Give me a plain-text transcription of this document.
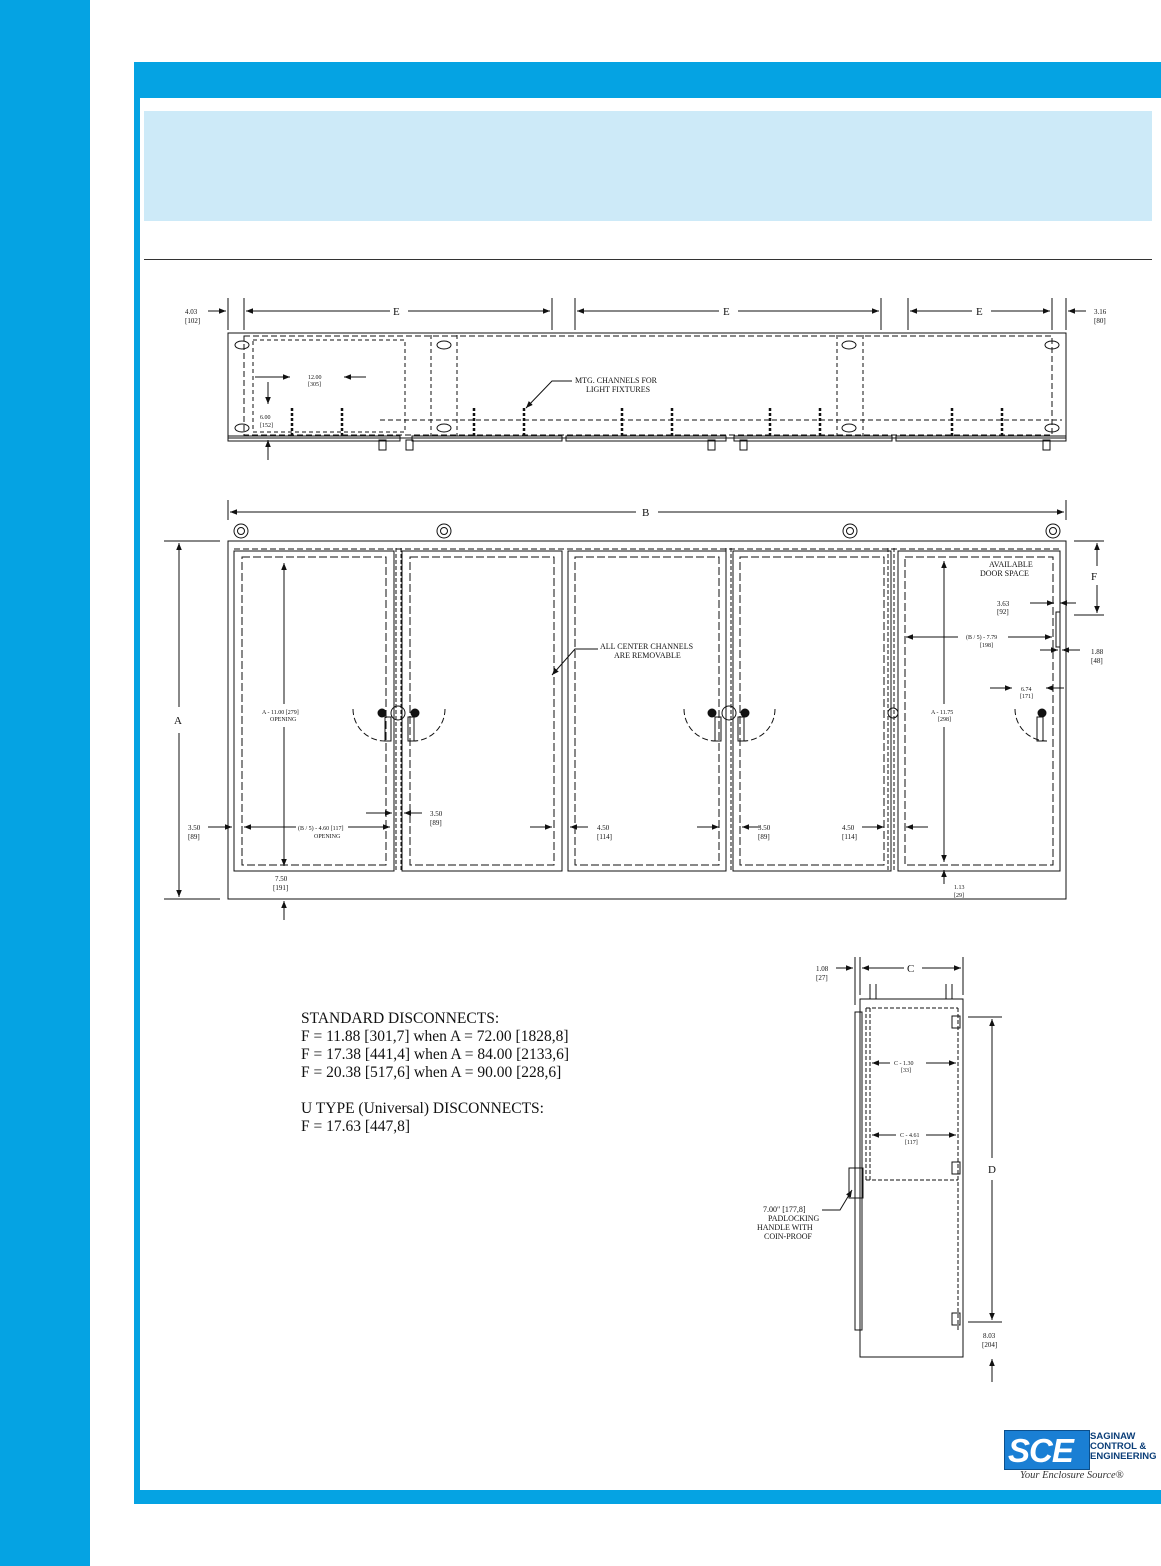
4.03
[102]
3.16
[80]
E	E	E
12.00
[305]
6.00
[152]
MTG. CHANNELS FOR
LIGHT FIXTURES
B
A
F
AVAILABLE
DOOR SPACE
ALL CENTER CHANNELS
ARE REMOVABLE
A - 11.00 [279]
OPENING
(B / 5) - 4.60 [117]
OPENING
A - 11.75
[298]
(B / 5) - 7.79
[198]
3.63
[92]
1.88
[48]
6.74
[171]
3.50
[89]
3.50
[89]
4.50
[114]
3.50
[89]
4.50
[114]
7.50
[191]	1.13
[29]
1.08
[27]
C
D
C - 1.30
[33]
C - 4.61
[117]
7.00" [177,8]
PADLOCKING
HANDLE WITH
COIN-PROOF
8.03
[204]
STANDARD DISCONNECTS:
F = 11.88 [301,7] when A = 72.00 [1828,8]
F = 17.38 [441,4] when A = 84.00 [2133,6]
F = 20.38 [517,6] when A = 90.00 [228,6]
U TYPE (Universal) DISCONNECTS:
F = 17.63 [447,8]
SCE SAGINAW
CONTROL &
ENGINEERING
Your Enclosure Source®
